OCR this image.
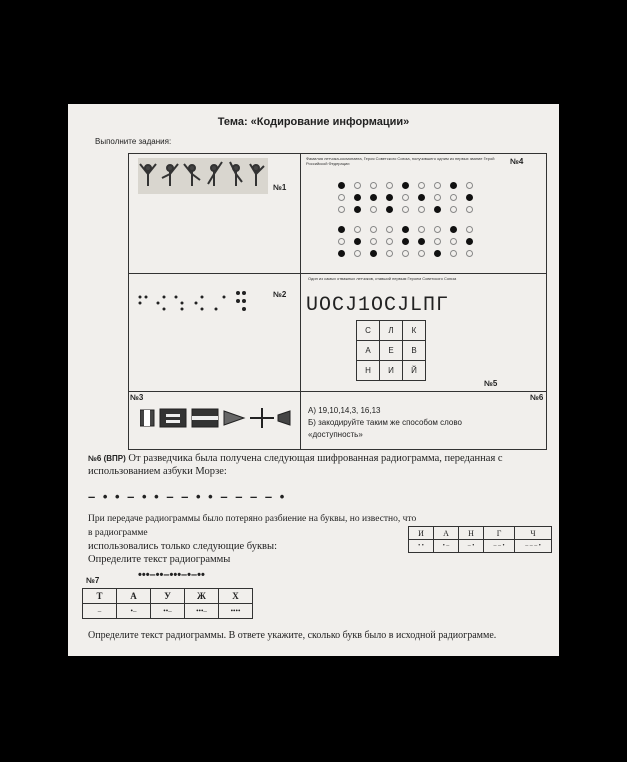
Тема: «Кодирование информации»
Выполните задания:
№1
Фамилия летчика-космонавта, Героя Советского Союза, получившего одним из первых звание Герой Российской Федерации	№4
№2
Один из самых отважных летчиков, ставший первым Героем Советского Союза
UOCJ1OCJLПГ
С	Л	К
А	Е	В
Н	И	Й
№5
№3	№6
А) 19,10,14,3, 16,13
Б) закодируйте таким же способом слово
«доступность»
№6 (ВПР) От разведчика была получена следующая шифрованная радиограмма, переданная с
использованием азбуки Морзе:
– • • – • • – – • • – – – – •
При передаче радиограммы было потеряно разбиение на буквы, но известно, что в радиограмме
использовались только следующие буквы:
Определите текст радиограммы
И	А	Н	Г	Ч
• •	• –	– •	– – •	– – – •
№7	•••–••–•••–•–••
Т	А	У	Ж	Х
–	•–	••–	•••–	••••
Определите текст радиограммы. В ответе укажите, сколько букв было в исходной радиограмме.
